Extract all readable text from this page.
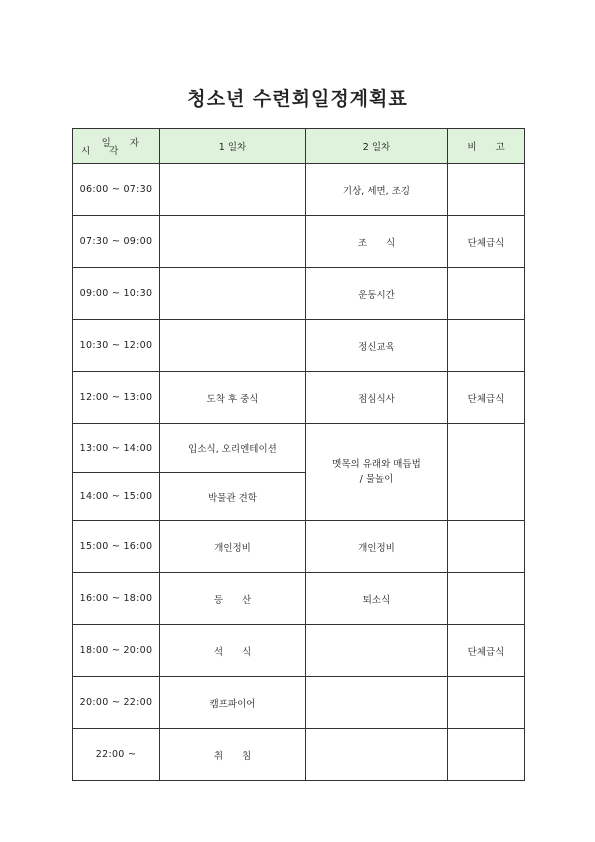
청소년 수련회일정계획표
일 자
시 각	1 일차	2 일차	비　　고
06:00 ~ 07:30		기상, 세면, 조깅	
07:30 ~ 09:00		조　　식	단체급식
09:00 ~ 10:30		운동시간	
10:30 ~ 12:00		정신교육	
12:00 ~ 13:00	도착 후 중식	점심식사	단체급식
13:00 ~ 14:00	입소식, 오리엔테이션	멧목의 유래와 매듭법
/ 물놀이	
14:00 ~ 15:00	박물관 견학		
15:00 ~ 16:00	개인정비	개인정비	
16:00 ~ 18:00	등　　산	퇴소식	
18:00 ~ 20:00	석　　식		단체급식
20:00 ~ 22:00	캠프파이어		
22:00 ~	취　　침		
